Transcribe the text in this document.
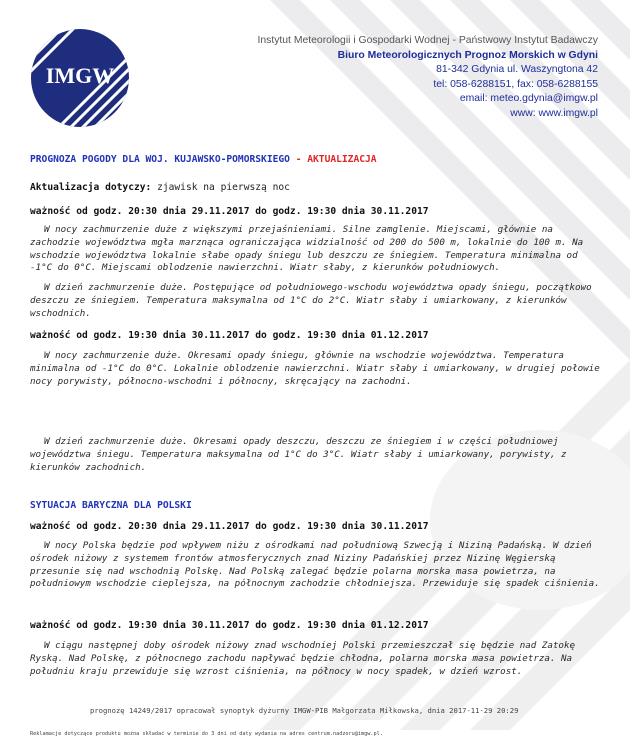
IMGW
Instytut Meteorologii i Gospodarki Wodnej - Państwowy Instytut Badawczy
Biuro Meteorologicznych Prognoz Morskich w Gdyni
81-342 Gdynia ul. Waszyngtona 42
tel: 058-6288151, fax: 058-6288155
email: meteo.gdynia@imgw.pl
www: www.imgw.pl
PROGNOZA POGODY DLA WOJ. KUJAWSKO-POMORSKIEGO - AKTUALIZACJA
Aktualizacja dotyczy: zjawisk na pierwszą noc
ważność od godz. 20:30 dnia 29.11.2017 do godz. 19:30 dnia 30.11.2017

W nocy zachmurzenie duże z większymi przejaśnieniami. Silne zamglenie. Miejscami, głównie na zachodzie województwa mgła marznąca ograniczająca widzialność od 200 do 500 m, lokalnie do 100 m. Na wschodzie województwa lokalnie słabe opady śniegu lub deszczu ze śniegiem. Temperatura minimalna od -1°C do 0°C. Miejscami oblodzenie nawierzchni. Wiatr słaby, z kierunków południowych.

W dzień zachmurzenie duże. Postępujące od południowego-wschodu województwa opady śniegu, początkowo deszczu ze śniegiem. Temperatura maksymalna od 1°C do 2°C. Wiatr słaby i umiarkowany, z kierunków wschodnich.

ważność od godz. 19:30 dnia 30.11.2017 do godz. 19:30 dnia 01.12.2017

W nocy zachmurzenie duże. Okresami opady śniegu, głównie na wschodzie województwa. Temperatura minimalna od -1°C do 0°C. Lokalnie oblodzenie nawierzchni. Wiatr słaby i umiarkowany, w drugiej połowie nocy porywisty, północno-wschodni i północny, skręcający na zachodni.

W dzień zachmurzenie duże. Okresami opady deszczu, deszczu ze śniegiem i w części południowej województwa śniegu. Temperatura maksymalna od 1°C do 3°C. Wiatr słaby i umiarkowany, porywisty, z kierunków zachodnich.

SYTUACJA BARYCZNA DLA POLSKI
ważność od godz. 20:30 dnia 29.11.2017 do godz. 19:30 dnia 30.11.2017

W nocy Polska będzie pod wpływem niżu z ośrodkami nad południową Szwecją i Niziną Padańską. W dzień ośrodek niżowy z systemem frontów atmosferycznych znad Niziny Padańskiej przez Nizinę Węgierską przesunie się nad wschodnią Polskę. Nad Polską zalegać będzie polarna morska masa powietrza, na południowym wschodzie cieplejsza, na północnym zachodzie chłodniejsza. Przewiduje się spadek ciśnienia.

ważność od godz. 19:30 dnia 30.11.2017 do godz. 19:30 dnia 01.12.2017

W ciągu następnej doby ośrodek niżowy znad wschodniej Polski przemieszczał się będzie nad Zatokę Ryską. Nad Polskę, z północnego zachodu napływać będzie chłodna, polarna morska masa powietrza. Na południu kraju przewiduje się wzrost ciśnienia, na północy w nocy spadek, w dzień wzrost.

prognozę 14249/2017 opracował synoptyk dyżurny IMGW-PIB Małgorzata Miłkowska, dnia 2017-11-29 20:29
Reklamacje dotyczące produktu można składać w terminie do 3 dni od daty wydania na adres centrum.nadzoru@imgw.pl.
